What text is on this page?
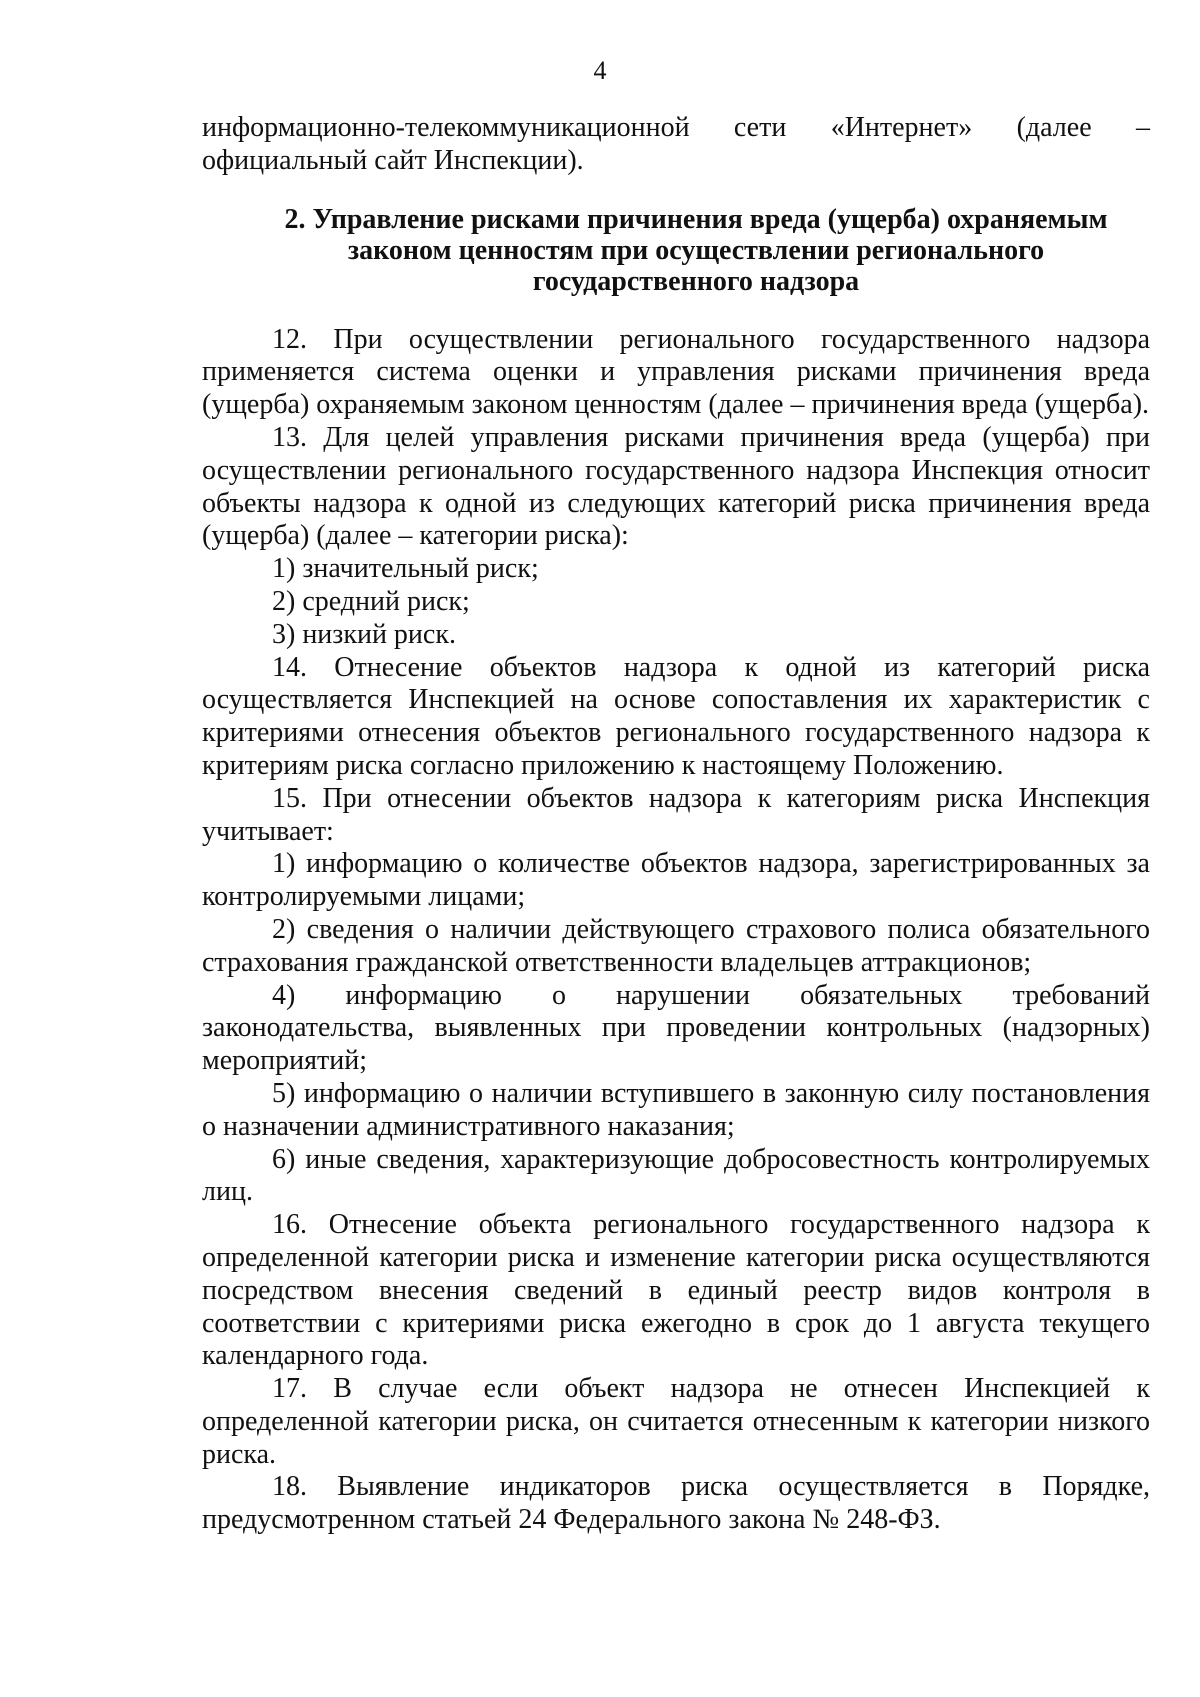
4

информационно-телекоммуникационной сети «Интернет» (далее –

официальный сайт Инспекции).

2. Управление рисками причинения вреда (ущерба) охраняемым
законом ценностям при осуществлении регионального
государственного надзора

12. При осуществлении регионального государственного надзора применяется система оценки и управления рисками причинения вреда (ущерба) охраняемым законом ценностям (далее – причинения вреда (ущерба).

13. Для целей управления рисками причинения вреда (ущерба) при осуществлении регионального государственного надзора Инспекция относит объекты надзора к одной из следующих категорий риска причинения вреда (ущерба) (далее – категории риска):

1) значительный риск;

2) средний риск;

3) низкий риск.

14. Отнесение объектов надзора к одной из категорий риска осуществляется Инспекцией на основе сопоставления их характеристик с критериями отнесения объектов регионального государственного надзора к критериям риска согласно приложению к настоящему Положению.

15. При отнесении объектов надзора к категориям риска Инспекция учитывает:

1) информацию о количестве объектов надзора, зарегистрированных за контролируемыми лицами;

2) сведения о наличии действующего страхового полиса обязательного страхования гражданской ответственности владельцев аттракционов;

4) информацию о нарушении обязательных требований законодательства, выявленных при проведении контрольных (надзорных) мероприятий;

5) информацию о наличии вступившего в законную силу постановления о назначении административного наказания;

6) иные сведения, характеризующие добросовестность контролируемых лиц.

16. Отнесение объекта регионального государственного надзора к определенной категории риска и изменение категории риска осуществляются посредством внесения сведений в единый реестр видов контроля в соответствии с критериями риска ежегодно в срок до 1 августа текущего календарного года.

17. В случае если объект надзора не отнесен Инспекцией к определенной категории риска, он считается отнесенным к категории низкого риска.

18. Выявление индикаторов риска осуществляется в Порядке, предусмотренном статьей 24 Федерального закона № 248-ФЗ.
